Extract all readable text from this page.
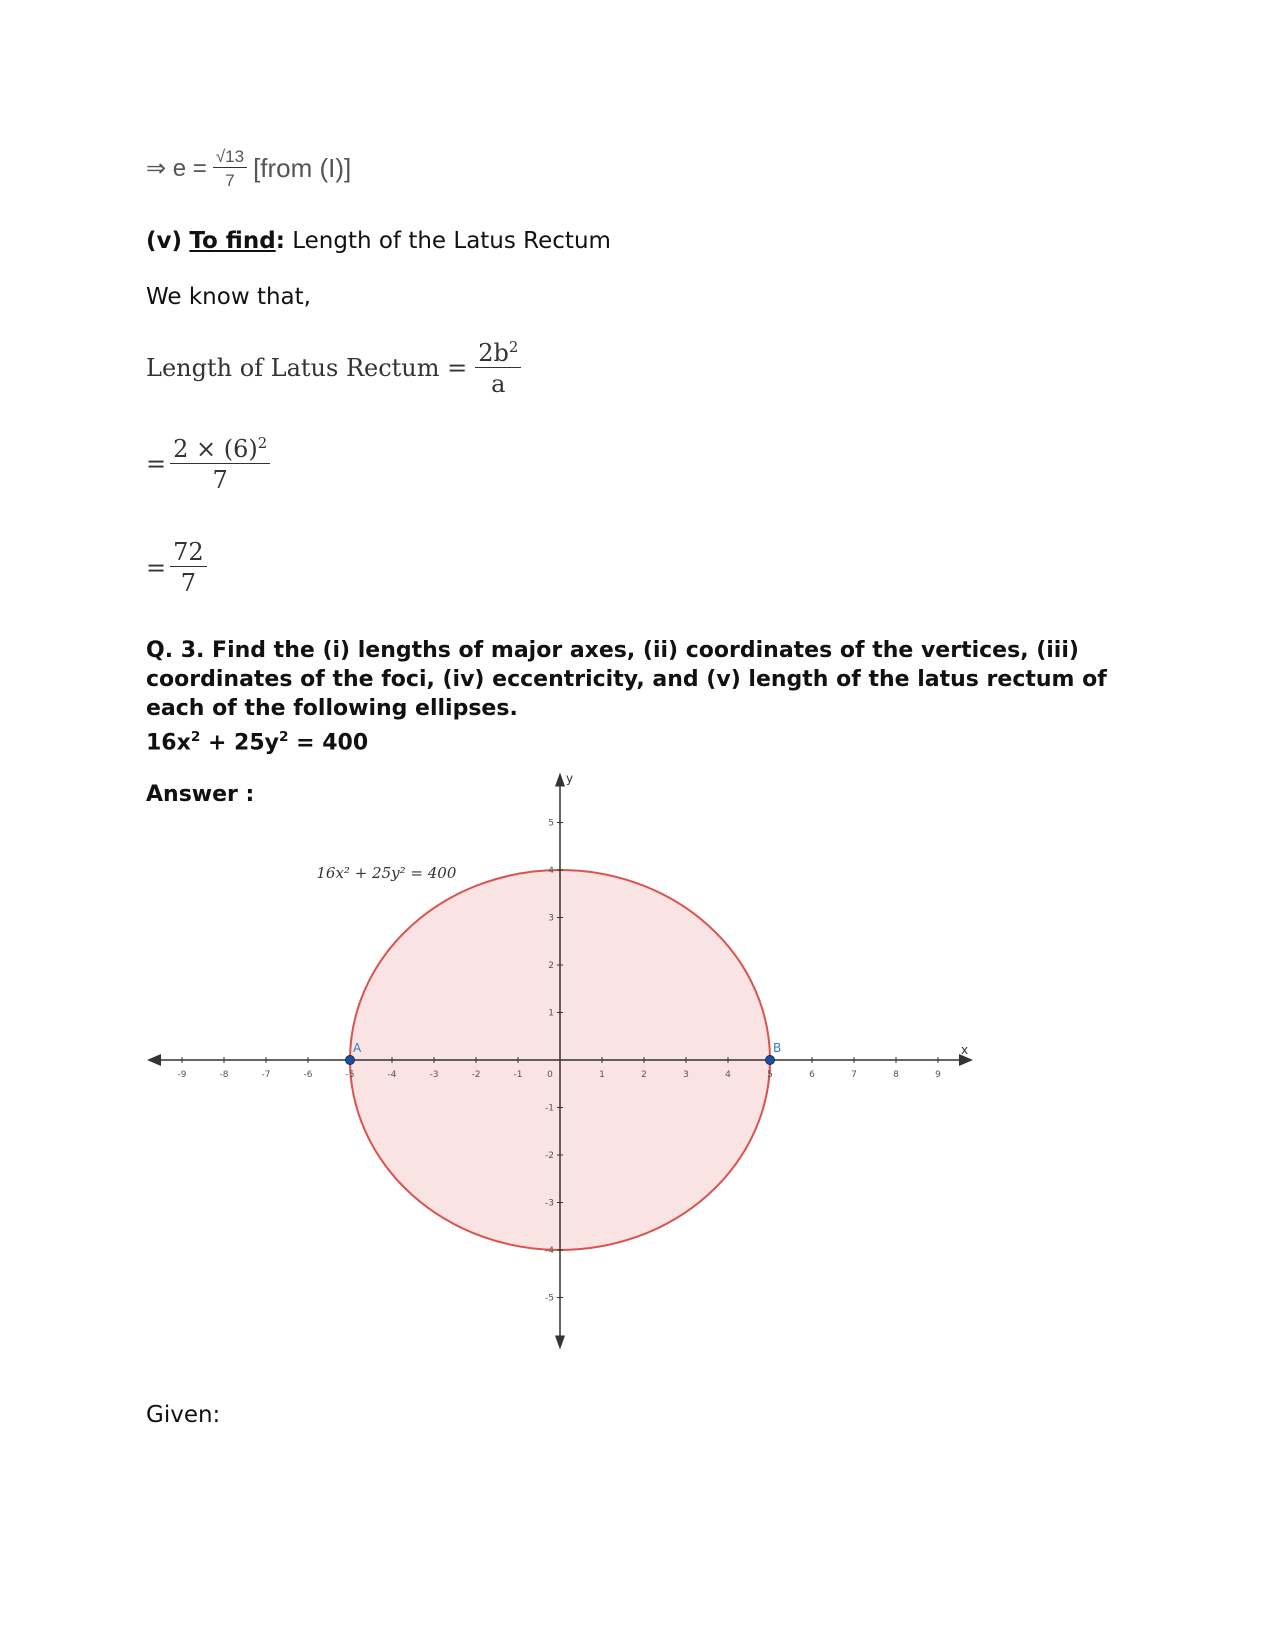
⇒ $e = \frac{√13}{7}$ [from (I)]
(v) To find: Length of the Latus Rectum
We know that,
Length of Latus Rectum = $\frac{2b^2}{a}$
= $\frac{2 \times (6)^2}{7}$
= $\frac{72}{7}$
Q. 3. Find the (i) lengths of major axes, (ii) coordinates of the vertices, (iii) coordinates of the foci, (iv) eccentricity, and (v) length of the latus rectum of each of the following ellipses.
$16x^2 + 25y^2 = 400$
Answer :
x
y
-9	-8	-7	-6	-5	-4	-3	-2	-1	1	2	3	4	5	6	7	8	9
-5
-4
-3
-2
-1
1
2
3
4
5
0
16x² + 25y² = 400
A	B
Given:
